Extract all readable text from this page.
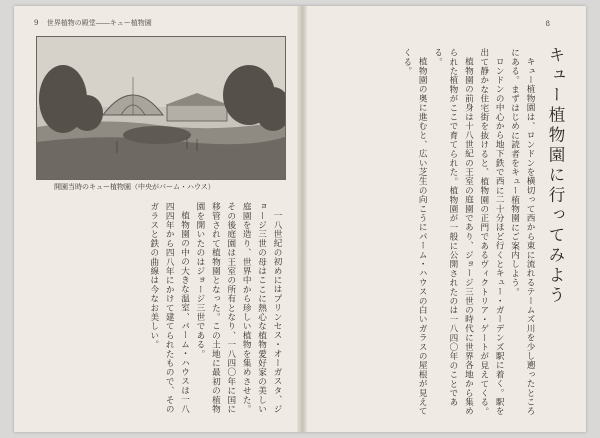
9 世界植物の殿堂――キュー植物園
開園当時のキュー植物園（中央がパーム・ハウス）

一八世紀の初めにはプリンセス・オーガスタ、ジョージ三世の母はここに熱心な植物愛好家の美しい庭園を造り、世界中から珍しい植物を集めさせた。その後庭園は王室の所有となり、一八四〇年に国に移管されて植物園となった。この土地に最初の植物園を開いたのはジョージ三世である。

植物園の中の大きな温室、パーム・ハウスは一八四四年から四八年にかけて建てられたもので、そのガラスと鉄の曲線は今なお美しい。

8
キュー植物園に行ってみよう

キュー植物園は、ロンドンを横切って西から東に流れるテームズ川を少し遡ったところにある。まずはじめに読者をキュー植物園にご案内しよう。

ロンドンの中心から地下鉄で西に二十分ほど行くとキュー・ガーデンズ駅に着く。駅を出て静かな住宅街を抜けると、植物園の正門であるヴィクトリア・ゲートが見えてくる。

植物園の前身は十八世紀の王室の庭園であり、ジョージ三世の時代に世界各地から集められた植物がここで育てられた。植物園が一般に公開されたのは一八四〇年のことである。

植物園の奥に進むと、広い芝生の向こうにパーム・ハウスの白いガラスの屋根が見えてくる。
